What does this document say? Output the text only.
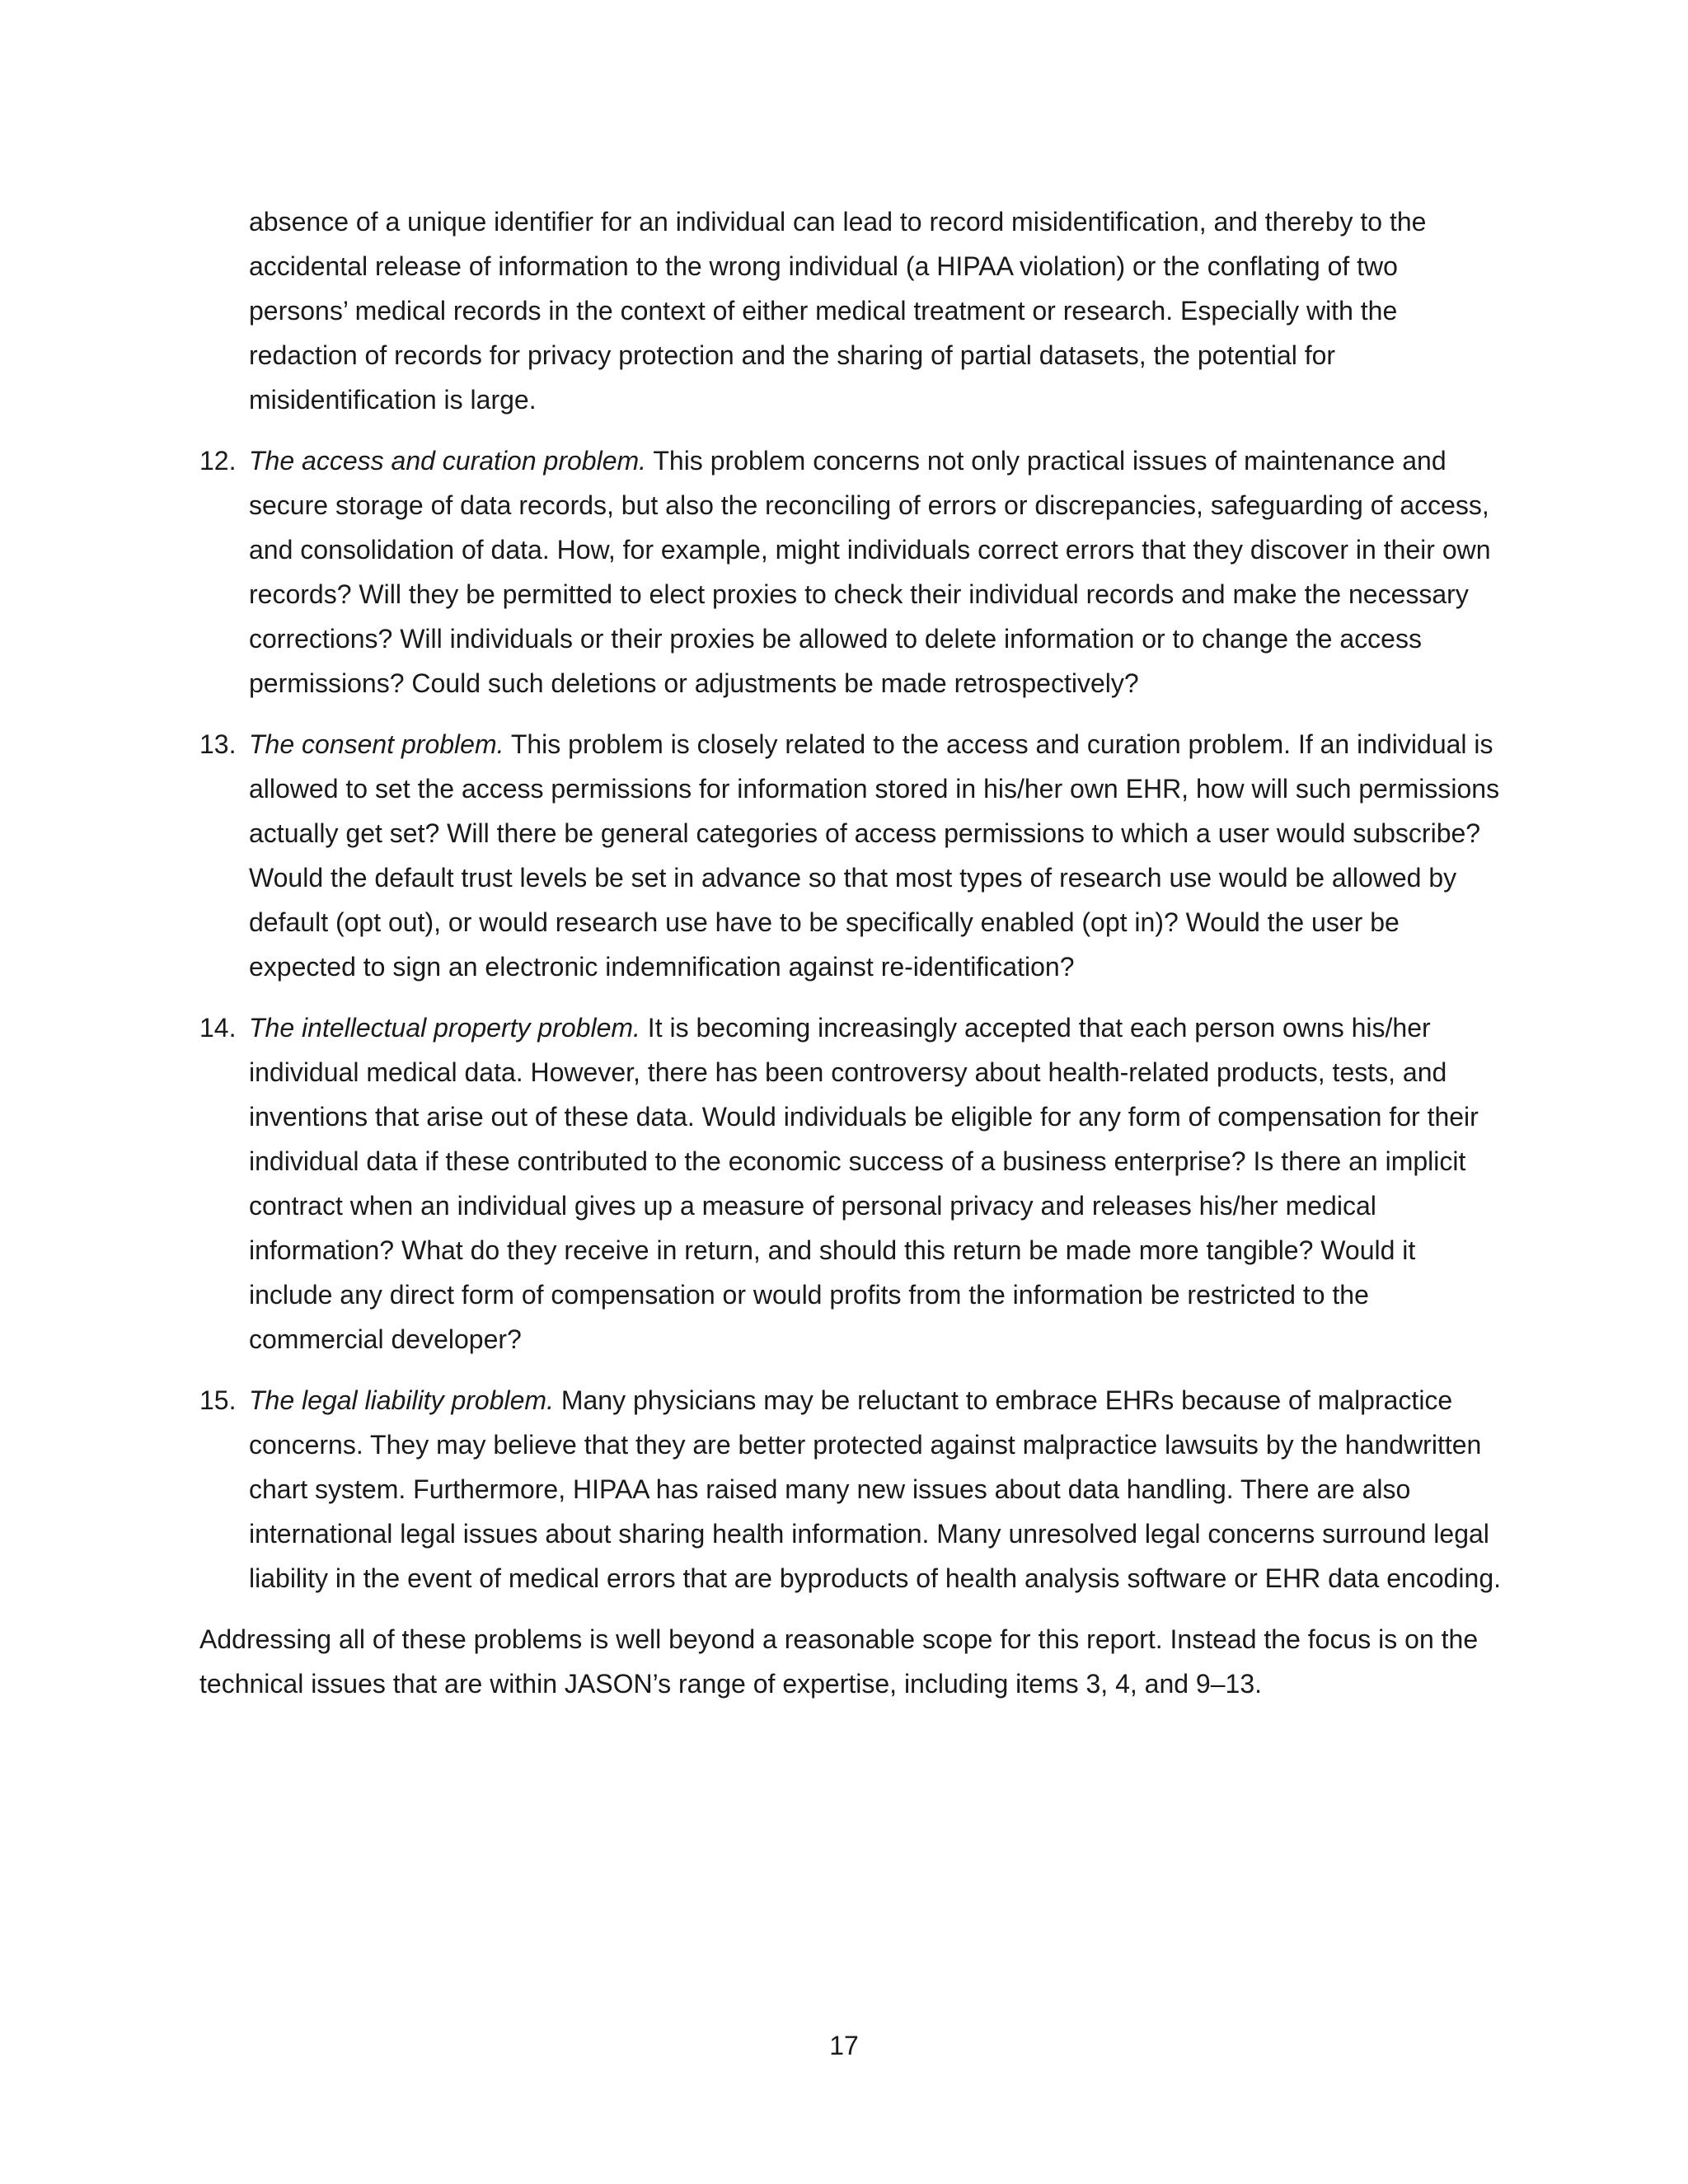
absence of a unique identifier for an individual can lead to record misidentification, and thereby to the accidental release of information to the wrong individual (a HIPAA violation) or the conflating of two persons’ medical records in the context of either medical treatment or research. Especially with the redaction of records for privacy protection and the sharing of partial datasets, the potential for misidentification is large.

12. The access and curation problem. This problem concerns not only practical issues of maintenance and secure storage of data records, but also the reconciling of errors or discrepancies, safeguarding of access, and consolidation of data. How, for example, might individuals correct errors that they discover in their own records? Will they be permitted to elect proxies to check their individual records and make the necessary corrections? Will individuals or their proxies be allowed to delete information or to change the access permissions? Could such deletions or adjustments be made retrospectively?

13. The consent problem. This problem is closely related to the access and curation problem. If an individual is allowed to set the access permissions for information stored in his/her own EHR, how will such permissions actually get set? Will there be general categories of access permissions to which a user would subscribe? Would the default trust levels be set in advance so that most types of research use would be allowed by default (opt out), or would research use have to be specifically enabled (opt in)? Would the user be expected to sign an electronic indemnification against re-identification?

14. The intellectual property problem. It is becoming increasingly accepted that each person owns his/her individual medical data. However, there has been controversy about health-related products, tests, and inventions that arise out of these data. Would individuals be eligible for any form of compensation for their individual data if these contributed to the economic success of a business enterprise? Is there an implicit contract when an individual gives up a measure of personal privacy and releases his/her medical information? What do they receive in return, and should this return be made more tangible? Would it include any direct form of compensation or would profits from the information be restricted to the commercial developer?

15. The legal liability problem. Many physicians may be reluctant to embrace EHRs because of malpractice concerns. They may believe that they are better protected against malpractice lawsuits by the handwritten chart system. Furthermore, HIPAA has raised many new issues about data handling. There are also international legal issues about sharing health information. Many unresolved legal concerns surround legal liability in the event of medical errors that are byproducts of health analysis software or EHR data encoding.

Addressing all of these problems is well beyond a reasonable scope for this report. Instead the focus is on the technical issues that are within JASON’s range of expertise, including items 3, 4, and 9–13.

17
